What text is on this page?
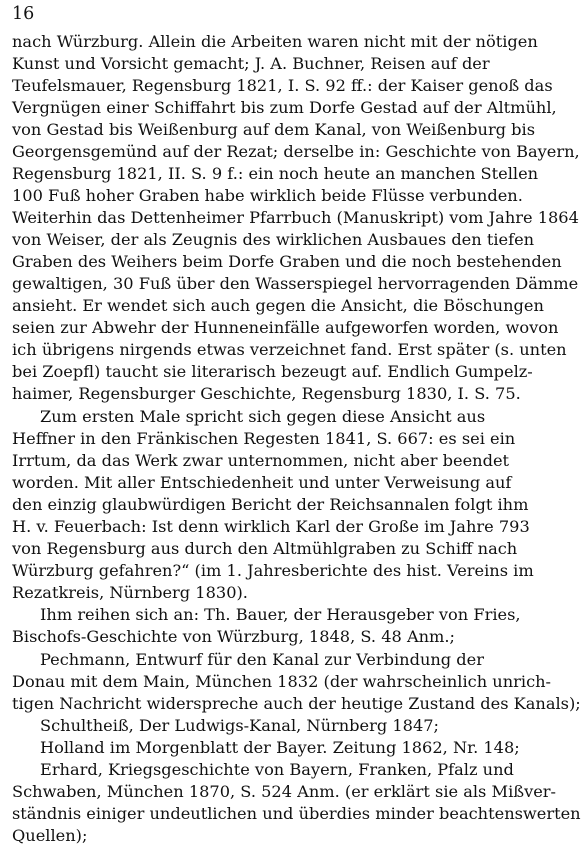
16
nach Würzburg. Allein die Arbeiten waren nicht mit der nötigen
Kunst und Vorsicht gemacht; J. A. Buchner, Reisen auf der
Teufelsmauer, Regensburg 1821, I. S. 92 ff.: der Kaiser genoß das
Vergnügen einer Schiffahrt bis zum Dorfe Gestad auf der Altmühl,
von Gestad bis Weißenburg auf dem Kanal, von Weißenburg bis
Georgensgemünd auf der Rezat; derselbe in: Geschichte von Bayern,
Regensburg 1821, II. S. 9 f.: ein noch heute an manchen Stellen
100 Fuß hoher Graben habe wirklich beide Flüsse verbunden.
Weiterhin das Dettenheimer Pfarrbuch (Manuskript) vom Jahre 1864
von Weiser, der als Zeugnis des wirklichen Ausbaues den tiefen
Graben des Weihers beim Dorfe Graben und die noch bestehenden
gewaltigen, 30 Fuß über den Wasserspiegel hervorragenden Dämme
ansieht. Er wendet sich auch gegen die Ansicht, die Böschungen
seien zur Abwehr der Hunneneinfälle aufgeworfen worden, wovon
ich übrigens nirgends etwas verzeichnet fand. Erst später (s. unten
bei Zoepfl) taucht sie literarisch bezeugt auf. Endlich Gumpelz-
haimer, Regensburger Geschichte, Regensburg 1830, I. S. 75.
Zum ersten Male spricht sich gegen diese Ansicht aus
Heffner in den Fränkischen Regesten 1841, S. 667: es sei ein
Irrtum, da das Werk zwar unternommen, nicht aber beendet
worden. Mit aller Entschiedenheit und unter Verweisung auf
den einzig glaubwürdigen Bericht der Reichsannalen folgt ihm
H. v. Feuerbach: Ist denn wirklich Karl der Große im Jahre 793
von Regensburg aus durch den Altmühlgraben zu Schiff nach
Würzburg gefahren?“ (im 1. Jahresberichte des hist. Vereins im
Rezatkreis, Nürnberg 1830).
Ihm reihen sich an: Th. Bauer, der Herausgeber von Fries,
Bischofs-Geschichte von Würzburg, 1848, S. 48 Anm.;
Pechmann, Entwurf für den Kanal zur Verbindung der
Donau mit dem Main, München 1832 (der wahrscheinlich unrich-
tigen Nachricht widerspreche auch der heutige Zustand des Kanals);
Schultheiß, Der Ludwigs-Kanal, Nürnberg 1847;
Holland im Morgenblatt der Bayer. Zeitung 1862, Nr. 148;
Erhard, Kriegsgeschichte von Bayern, Franken, Pfalz und
Schwaben, München 1870, S. 524 Anm. (er erklärt sie als Mißver-
ständnis einiger undeutlichen und überdies minder beachtenswerten
Quellen);
